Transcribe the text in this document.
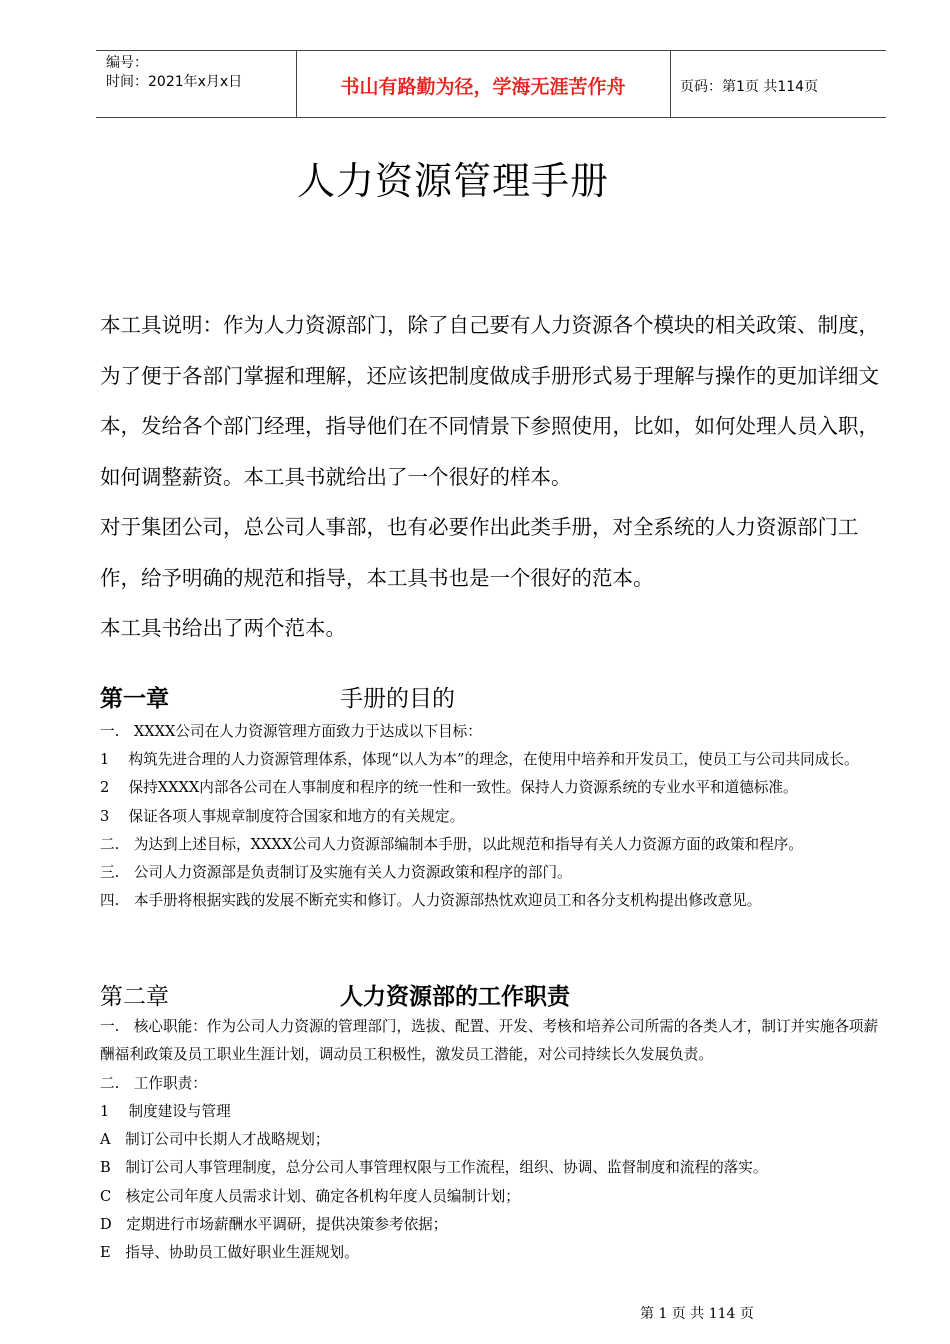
编号：
时间：2021年x月x日	书山有路勤为径，学海无涯苦作舟	页码：第1页 共114页
人力资源管理手册

本工具说明：作为人力资源部门，除了自己要有人力资源各个模块的相关政策、制度，为了便于各部门掌握和理解，还应该把制度做成手册形式易于理解与操作的更加详细文本，发给各个部门经理，指导他们在不同情景下参照使用，比如，如何处理人员入职，如何调整薪资。本工具书就给出了一个很好的样本。

对于集团公司，总公司人事部，也有必要作出此类手册，对全系统的人力资源部门工作，给予明确的规范和指导，本工具书也是一个很好的范本。

本工具书给出了两个范本。

第一章	手册的目的

一.　XXXX公司在人力资源管理方面致力于达成以下目标：

1　 构筑先进合理的人力资源管理体系，体现“以人为本”的理念，在使用中培养和开发员工，使员工与公司共同成长。

2　 保持XXXX内部各公司在人事制度和程序的统一性和一致性。保持人力资源系统的专业水平和道德标准。

3　 保证各项人事规章制度符合国家和地方的有关规定。

二.　为达到上述目标，XXXX公司人力资源部编制本手册，以此规范和指导有关人力资源方面的政策和程序。

三.　公司人力资源部是负责制订及实施有关人力资源政策和程序的部门。

四.　本手册将根据实践的发展不断充实和修订。人力资源部热忱欢迎员工和各分支机构提出修改意见。

第二章	人力资源部的工作职责

一.　核心职能：作为公司人力资源的管理部门，选拔、配置、开发、考核和培养公司所需的各类人才，制订并实施各项薪酬福利政策及员工职业生涯计划，调动员工积极性，激发员工潜能，对公司持续长久发展负责。

二.　工作职责：

1　 制度建设与管理

A　制订公司中长期人才战略规划；

B　制订公司人事管理制度，总分公司人事管理权限与工作流程，组织、协调、监督制度和流程的落实。

C　核定公司年度人员需求计划、确定各机构年度人员编制计划；

D　定期进行市场薪酬水平调研，提供决策参考依据；

E　指导、协助员工做好职业生涯规划。

第 1 页 共 114 页
